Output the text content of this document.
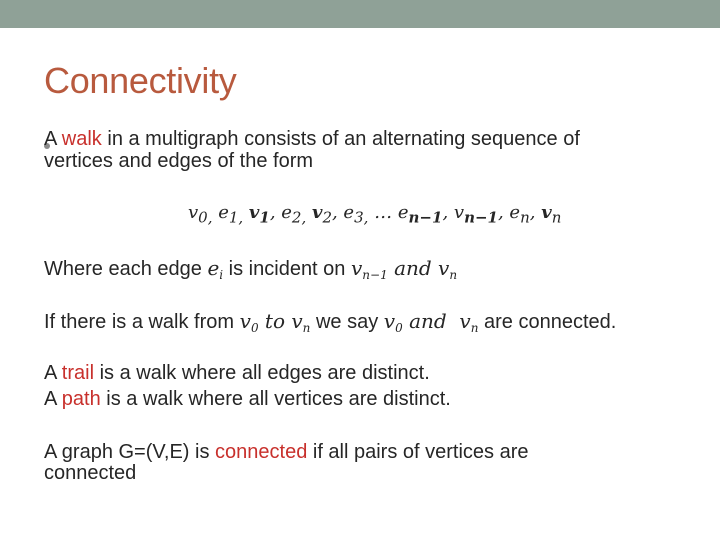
Connectivity
A walk in a multigraph consists of an alternating sequence of
vertices and edges of the form
$v_{0,}$ $e_{1,}$ $v_1$, $e_{2,}$ $v_2$, $e_{3,}$ … $e_{n-1}$, $v_{n-1}$, $e_n$, $v_n$
Where each edge $e_i$ is incident on $v_{n-1}$ and $v_n$
If there is a walk from $v_0$ to $v_n$ we say $v_0$ and  $v_n$ are connected.
A trail is a walk where all edges are distinct.
A path is a walk where all vertices are distinct.
A graph G=(V,E) is connected if all pairs of vertices are
connected
